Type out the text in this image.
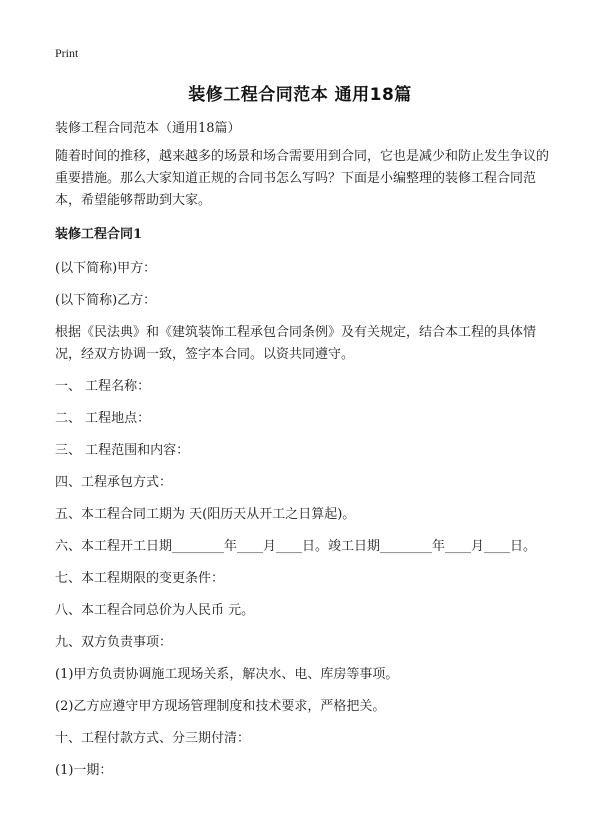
Print
装修工程合同范本 通用18篇

装修工程合同范本（通用18篇）

随着时间的推移，越来越多的场景和场合需要用到合同，它也是减少和防止发生争议的重要措施。那么大家知道正规的合同书怎么写吗？下面是小编整理的装修工程合同范本，希望能够帮助到大家。

装修工程合同1

(以下简称)甲方：

(以下简称)乙方：

根据《民法典》和《建筑装饰工程承包合同条例》及有关规定，结合本工程的具体情况，经双方协调一致，签字本合同。以资共同遵守。

一、 工程名称：

二、 工程地点：

三、 工程范围和内容：

四、工程承包方式：

五、本工程合同工期为 天(阳历天从开工之日算起)。

六、本工程开工日期________年____月____日。竣工日期________年____月____日。

七、本工程期限的变更条件：

八、本工程合同总价为人民币 元。

九、双方负责事项：

(1)甲方负责协调施工现场关系，解决水、电、库房等事项。

(2)乙方应遵守甲方现场管理制度和技术要求，严格把关。

十、工程付款方式、分三期付清：

(1)一期：
